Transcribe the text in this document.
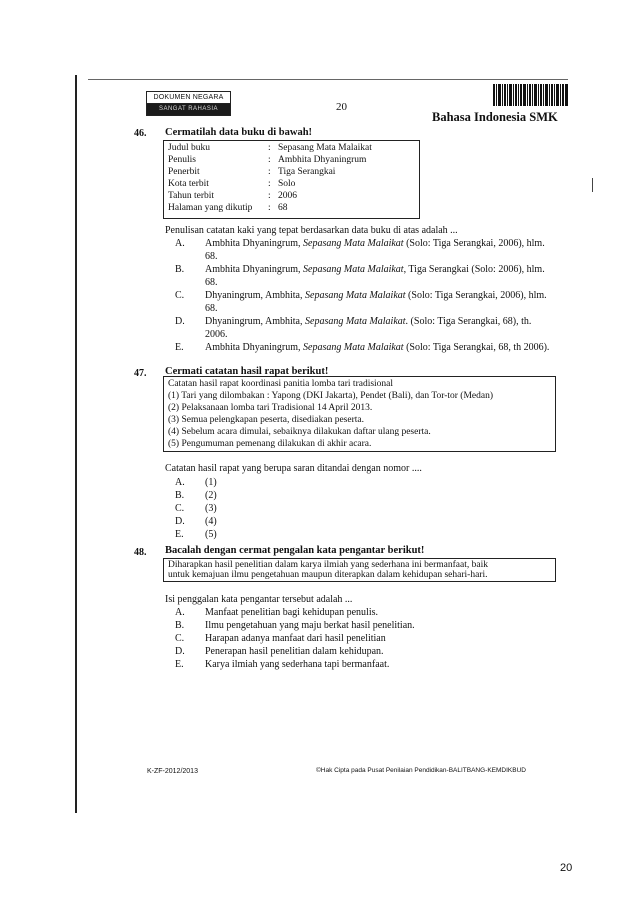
DOKUMEN NEGARA
SANGAT RAHASIA	20
Bahasa Indonesia SMK
46. Cermatilah data buku di bawah!
Judul buku	: Sepasang Mata Malaikat
Penulis	: Ambhita Dhyaningrum
Penerbit	: Tiga Serangkai
Kota terbit	: Solo
Tahun terbit	: 2006
Halaman yang dikutip : 68
Penulisan catatan kaki yang tepat berdasarkan data buku di atas adalah ...
A. Ambhita Dhyaningrum, Sepasang Mata Malaikat (Solo: Tiga Serangkai, 2006), hlm. 68.
B. Ambhita Dhyaningrum, Sepasang Mata Malaikat, Tiga Serangkai (Solo: 2006), hlm. 68.
C. Dhyaningrum, Ambhita, Sepasang Mata Malaikat (Solo: Tiga Serangkai, 2006), hlm. 68.
D. Dhyaningrum, Ambhita, Sepasang Mata Malaikat. (Solo: Tiga Serangkai, 68), th. 2006.
E. Ambhita Dhyaningrum, Sepasang Mata Malaikat (Solo: Tiga Serangkai, 68, th 2006).
47. Cermati catatan hasil rapat berikut!
Catatan hasil rapat koordinasi panitia lomba tari tradisional
(1) Tari yang dilombakan : Yapong (DKI Jakarta), Pendet (Bali), dan Tor-tor (Medan)
(2) Pelaksanaan lomba tari Tradisional 14 April 2013.
(3) Semua pelengkapan peserta, disediakan peserta.
(4) Sebelum acara dimulai, sebaiknya dilakukan daftar ulang peserta.
(5) Pengumuman pemenang dilakukan di akhir acara.
Catatan hasil rapat yang berupa saran ditandai dengan nomor ....
A. (1)
B. (2)
C. (3)
D. (4)
E. (5)
48. Bacalah dengan cermat pengalan kata pengantar berikut!
Diharapkan hasil penelitian dalam karya ilmiah yang sederhana ini bermanfaat, baik
untuk kemajuan ilmu pengetahuan maupun diterapkan dalam kehidupan sehari-hari.
Isi penggalan kata pengantar tersebut adalah ...
A. Manfaat penelitian bagi kehidupan penulis.
B. Ilmu pengetahuan yang maju berkat hasil penelitian.
C. Harapan adanya manfaat dari hasil penelitian
D. Penerapan hasil penelitian dalam kehidupan.
E. Karya ilmiah yang sederhana tapi bermanfaat.
K-ZF-2012/2013	©Hak Cipta pada Pusat Penilaian Pendidikan-BALITBANG-KEMDIKBUD
20
